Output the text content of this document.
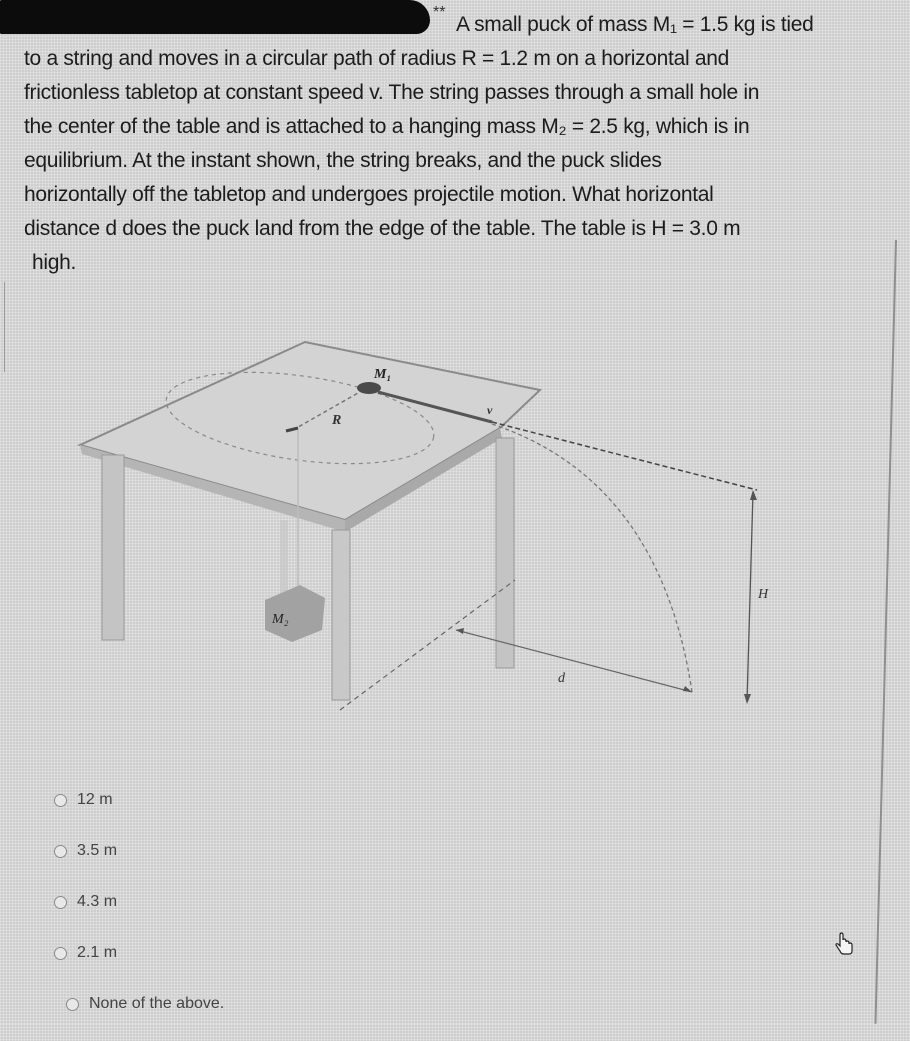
**

A small puck of mass M₁ = 1.5 kg is tied

to a string and moves in a circular path of radius R = 1.2 m on a horizontal and

frictionless tabletop at constant speed v. The string passes through a small hole in

the center of the table and is attached to a hanging mass M₂ = 2.5 kg, which is in

equilibrium. At the instant shown, the string breaks, and the puck slides

horizontally off the tabletop and undergoes projectile motion. What horizontal

distance d does the puck land from the edge of the table. The table is H = 3.0 m

high.

M₁
R
v
M₂
H
d
12 m
3.5 m
4.3 m
2.1 m
None of the above.
